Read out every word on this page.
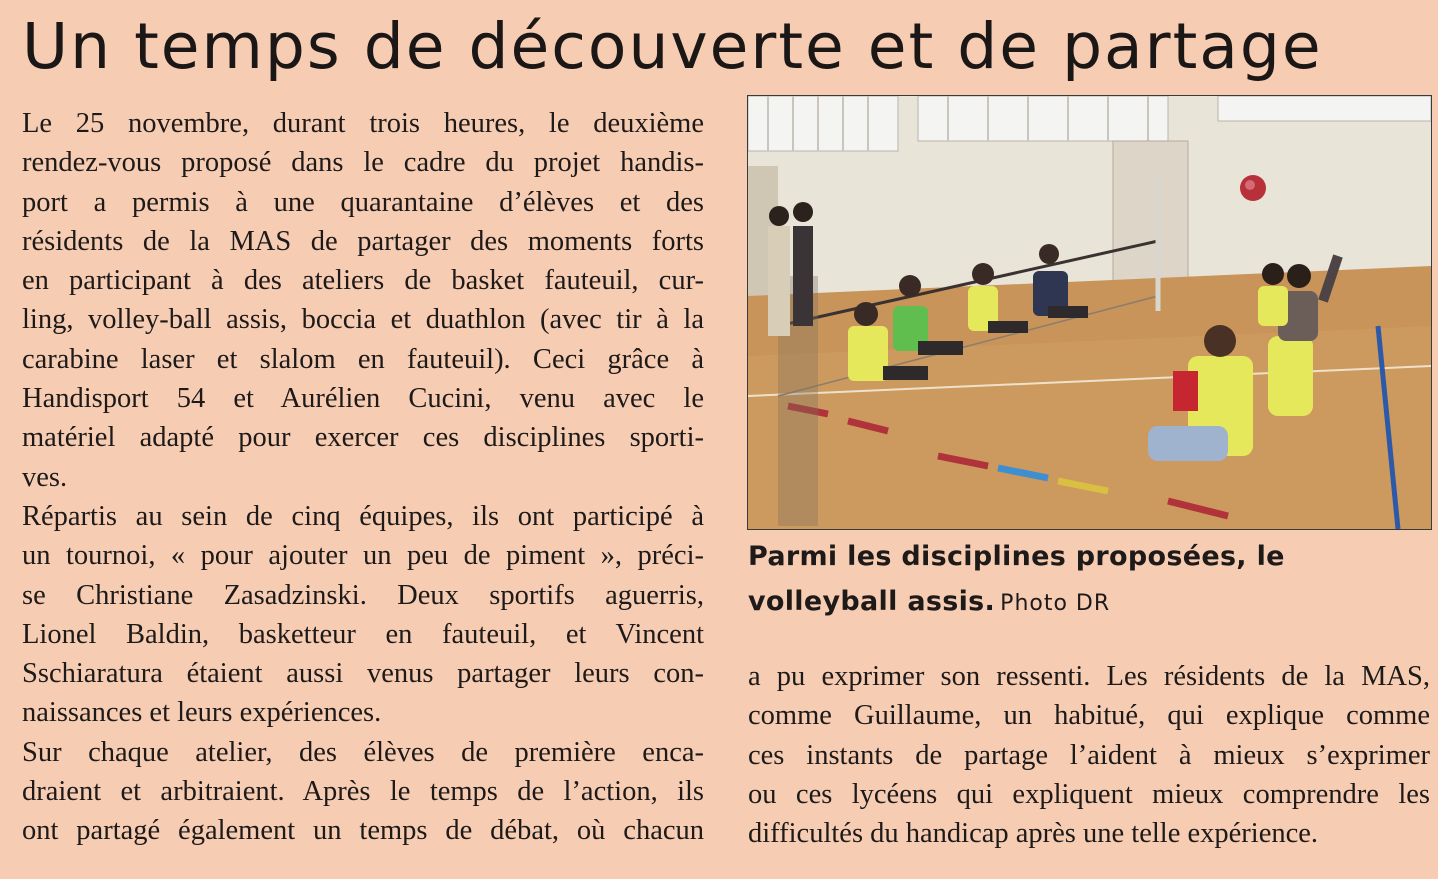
Un temps de découverte et de partage
Le 25 novembre, durant trois heures, le deuxième
rendez-vous proposé dans le cadre du projet handis-
port a permis à une quarantaine d’élèves et des
résidents de la MAS de partager des moments forts
en participant à des ateliers de basket fauteuil, cur-
ling, volley-ball assis, boccia et duathlon (avec tir à la
carabine laser et slalom en fauteuil). Ceci grâce à
Handisport 54 et Aurélien Cucini, venu avec le
matériel adapté pour exercer ces disciplines sporti-
ves.
Répartis au sein de cinq équipes, ils ont participé à
un tournoi, « pour ajouter un peu de piment », préci-
se Christiane Zasadzinski. Deux sportifs aguerris,
Lionel Baldin, basketteur en fauteuil, et Vincent
Sschiaratura étaient aussi venus partager leurs con-
naissances et leurs expériences.
Sur chaque atelier, des élèves de première enca-
draient et arbitraient. Après le temps de l’action, ils
ont partagé également un temps de débat, où chacun
Parmi les disciplines proposées, le volleyball assis. Photo DR
a pu exprimer son ressenti. Les résidents de la MAS,
comme Guillaume, un habitué, qui explique comme
ces instants de partage l’aident à mieux s’exprimer
ou ces lycéens qui expliquent mieux comprendre les
difficultés du handicap après une telle expérience.
